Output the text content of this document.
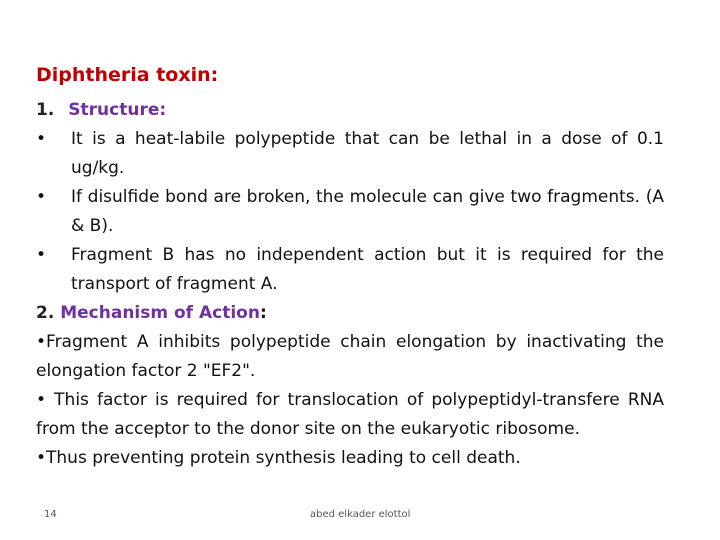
Diphtheria toxin:
1. Structure:
•	It is a heat-labile polypeptide that can be lethal in a dose of 0.1 ug/kg.
•	If disulfide bond are broken, the molecule can give two fragments. (A & B).
•	Fragment B has no independent action but it is required for the transport of fragment A.
2. Mechanism of Action:
•Fragment A inhibits polypeptide chain elongation by inactivating the elongation factor 2 "EF2".
• This factor is required for translocation of polypeptidyl-transfere RNA from the acceptor to the donor site on the eukaryotic ribosome.
•Thus preventing protein synthesis leading to cell death.
14	abed elkader elottol
